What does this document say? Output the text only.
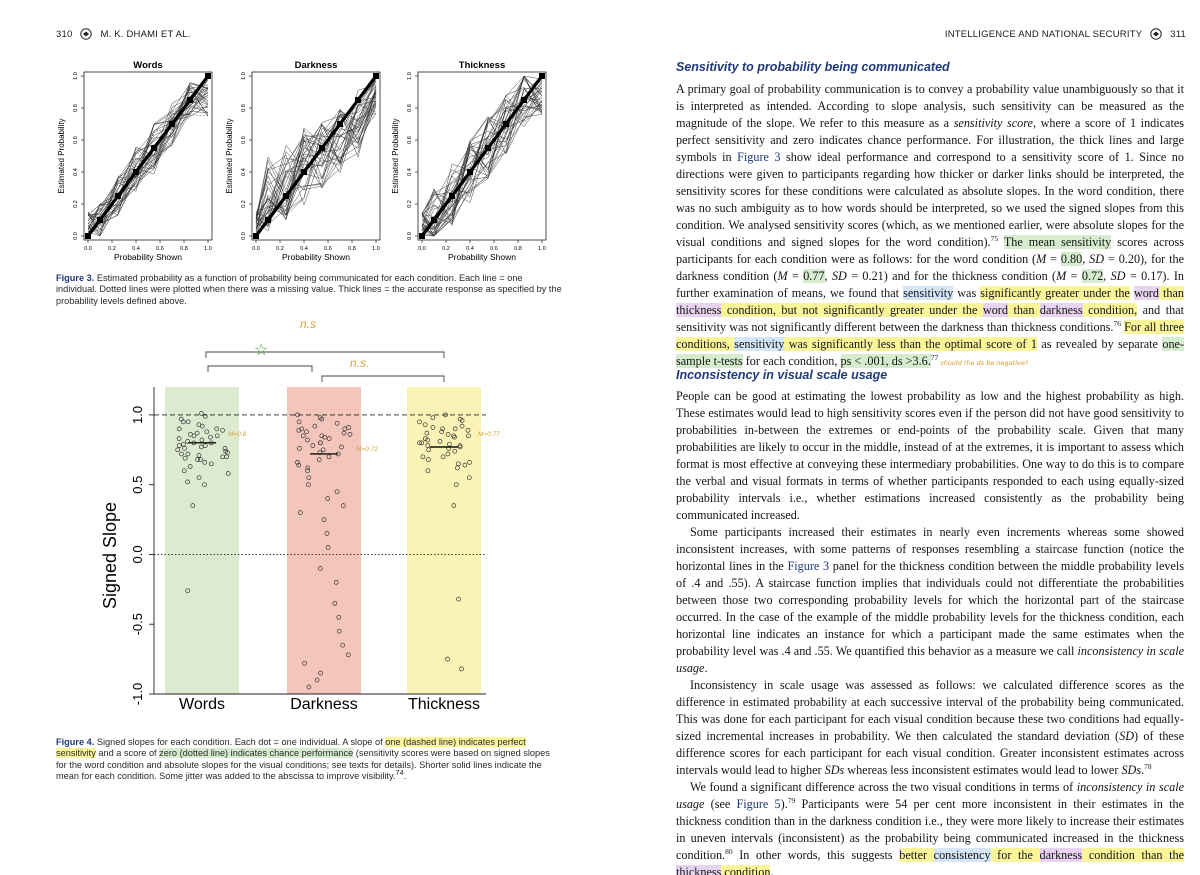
310	M. K. DHAMI ET AL.
Words
0.0	0.2	0.4	0.6	0.8	1.0
0.0
0.2
0.4
0.6
0.8
1.0
Probability Shown
Estimated Probability
Darkness
0.0	0.2	0.4	0.6	0.8	1.0
0.0
0.2
0.4
0.6
0.8
1.0
Probability Shown
Estimated Probability
Thickness
0.0	0.2	0.4	0.6	0.8	1.0
0.0
0.2
0.4
0.6
0.8
1.0
Probability Shown
Estimated Probability
Figure 3. Estimated probability as a function of probability being communicated for each condition. Each line = one individual. Dotted lines were plotted when there was a missing value. Thick lines = the accurate response as specified by the probability levels defined above.
-1.0
-0.5
0.0
0.5
1.0
Signed Slope
Words	Darkness	Thickness
n.s
n.s.
☆
M=0.8
M=0.72
M=0.77
Figure 4. Signed slopes for each condition. Each dot = one individual. A slope of one (dashed line) indicates perfect sensitivity and a score of zero (dotted line) indicates chance performance (sensitivity scores were based on signed slopes for the word condition and absolute slopes for the visual conditions; see texts for details). Shorter solid lines indicate the mean for each condition. Some jitter was added to the abscissa to improve visibility.$^{74}$.
INTELLIGENCE AND NATIONAL SECURITY	311
Sensitivity to probability being communicated

A primary goal of probability communication is to convey a probability value unambiguously so that it is interpreted as intended. According to slope analysis, such sensitivity can be measured as the magnitude of the slope. We refer to this measure as a sensitivity score, where a score of 1 indicates perfect sensitivity and zero indicates chance performance. For illustration, the thick lines and large symbols in Figure 3 show ideal performance and correspond to a sensitivity score of 1. Since no directions were given to participants regarding how thicker or darker links should be interpreted, the sensitivity scores for these conditions were calculated as absolute slopes. In the word condition, there was no such ambiguity as to how words should be interpreted, so we used the signed slopes from this condition. We analysed sensitivity scores (which, as we mentioned earlier, were absolute slopes for the visual conditions and signed slopes for the word condition).$^{75}$ The mean sensitivity scores across participants for each condition were as follows: for the word condition (M = 0.80, SD = 0.20), for the darkness condition (M = 0.77, SD = 0.21) and for the thickness condition (M = 0.72, SD = 0.17). In further examination of means, we found that sensitivity was significantly greater under the word than thickness condition, but not significantly greater under the word than darkness condition, and that sensitivity was not significantly different between the darkness than thickness conditions.$^{76}$ For all three conditions, sensitivity was significantly less than the optimal score of 1 as revealed by separate one-sample t-tests for each condition, ps < .001, ds >3.6.77 should the ds be negative?

Inconsistency in visual scale usage

People can be good at estimating the lowest probability as low and the highest probability as high. These estimates would lead to high sensitivity scores even if the person did not have good sensitivity to probabilities in-between the extremes or end-points of the probability scale. Given that many probabilities are likely to occur in the middle, instead of at the extremes, it is important to assess which format is most effective at conveying these intermediary probabilities. One way to do this is to compare the verbal and visual formats in terms of whether participants responded to each using equally-sized probability intervals i.e., whether estimations increased consistently as the probability being communicated increased.

Some participants increased their estimates in nearly even increments whereas some showed inconsistent increases, with some patterns of responses resembling a staircase function (notice the horizontal lines in the Figure 3 panel for the thickness condition between the middle probability levels of .4 and .55). A staircase function implies that individuals could not differentiate the probabilities between those two corresponding probability levels for which the horizontal part of the staircase occurred. In the case of the example of the middle probability levels for the thickness condition, each horizontal line indicates an instance for which a participant made the same estimates when the probability level was .4 and .55. We quantified this behavior as a measure we call inconsistency in scale usage.

Inconsistency in scale usage was assessed as follows: we calculated difference scores as the difference in estimated probability at each successive interval of the probability being communicated. This was done for each participant for each visual condition because these two conditions had equally-sized incremental increases in probability. We then calculated the standard deviation (SD) of these difference scores for each participant for each visual condition. Greater inconsistent estimates across intervals would lead to higher SDs whereas less inconsistent estimates would lead to lower SDs.$^{78}$

We found a significant difference across the two visual conditions in terms of inconsistency in scale usage (see Figure 5).$^{79}$ Participants were 54 per cent more inconsistent in their estimates in the thickness condition than in the darkness condition i.e., they were more likely to increase their estimates in uneven intervals (inconsistent) as the probability being communicated increased in the thickness condition.$^{80}$ In other words, this suggests better consistency for the darkness condition than the thickness condition.
